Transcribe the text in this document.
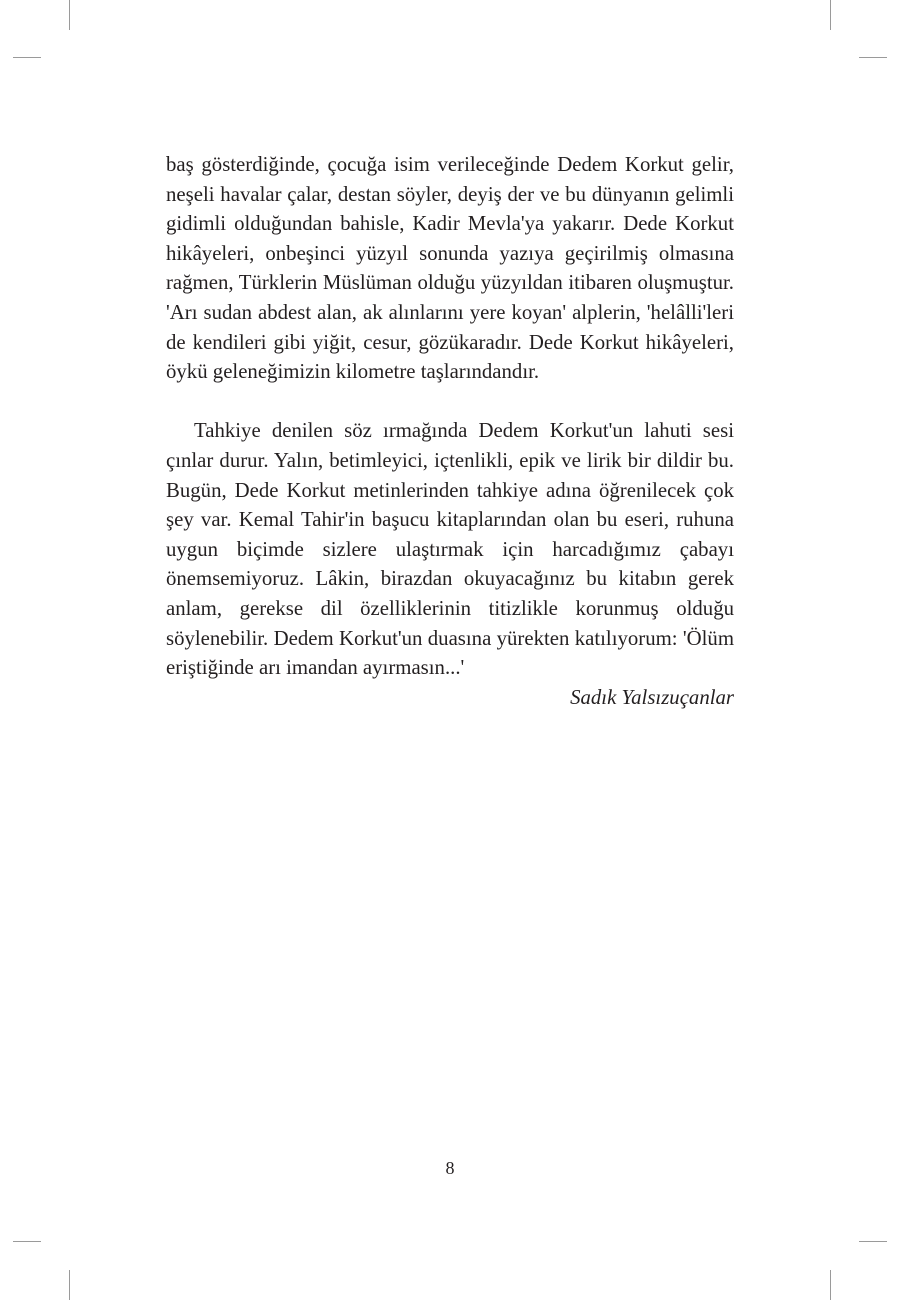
baş gösterdiğinde, çocuğa isim verileceğinde Dedem Korkut gelir, neşeli havalar çalar, destan söyler, deyiş der ve bu dünyanın gelimli gidimli olduğundan bahisle, Kadir Mevla'ya yakarır. Dede Korkut hikâyeleri, onbeşinci yüzyıl sonunda yazıya geçirilmiş olmasına rağmen, Türklerin Müslüman olduğu yüzyıldan itibaren oluşmuştur. 'Arı sudan abdest alan, ak alınlarını yere koyan' alplerin, 'helâlli'leri de kendileri gibi yiğit, cesur, gözükaradır. Dede Korkut hikâyeleri, öykü geleneğimizin kilometre taşlarındandır.

Tahkiye denilen söz ırmağında Dedem Korkut'un lahuti sesi çınlar durur. Yalın, betimleyici, içtenlikli, epik ve lirik bir dildir bu. Bugün, Dede Korkut metinlerinden tahkiye adına öğrenilecek çok şey var. Kemal Tahir'in başucu kitaplarından olan bu eseri, ruhuna uygun biçimde sizlere ulaştırmak için harcadığımız çabayı önemsemiyoruz. Lâkin, birazdan okuyacağınız bu kitabın gerek anlam, gerekse dil özelliklerinin titizlikle korunmuş olduğu söylenebilir. Dedem Korkut'un duasına yürekten katılıyorum: 'Ölüm eriştiğinde arı imandan ayırmasın...'

Sadık Yalsızuçanlar

8
